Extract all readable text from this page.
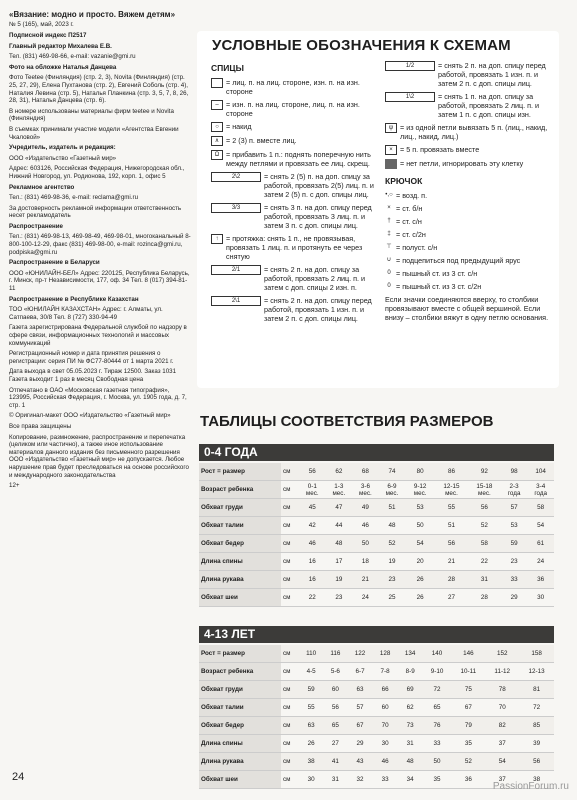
«Вязание: модно и просто. Вяжем детям»

№ 5 (165), май, 2023 г.

Подписной индекс П2517

Главный редактор Михалева Е.В.

Тел. (831) 469-98-66, e-mail: vazanie@gmi.ru

Фото на обложке Наталья Данцева

Фото Teetee (Финляндия) (стр. 2, 3), Novita (Финляндия) (стр. 25, 27, 29), Елена Пухтанова (стр. 2), Евгений Соболь (стр. 4), Наталия Левина (стр. 5), Наталья Планкина (стр. 3, 5, 7, 8, 26, 28, 31), Наталья Данцева (стр. 6).

В номере использованы материалы фирм teetee и Novita (Финляндия)

В съемках принимали участие модели «Агентства Евгении Чкаловой»

Учредитель, издатель и редакция:

ООО «Издательство «Газетный мир»

Адрес: 603126, Российская Федерация, Нижегородская обл., Нижний Новгород, ул. Родионова, 192, корп. 1, офис 5

Рекламное агентство

Тел.: (831) 469-98-36, e-mail: reclama@gmi.ru

За достоверность рекламной информации ответственность несет рекламодатель

Распространение

Тел.: (831) 469-98-13, 469-98-49, 469-98-01, многоканальный 8-800-100-12-29, факс (831) 469-98-00, e-mail: rozinca@gmi.ru, podpiska@gmi.ru

Распространение в Беларуси

ООО «ЮНИЛАЙН-БЕЛ» Адрес: 220125, Республика Беларусь, г. Минск, пр-т Независимости, 177, оф. 34 Тел. 8 (017) 394-81-11

Распространение в Республике Казахстан

ТОО «ЮНИЛАЙН КАЗАХСТАН» Адрес: г. Алматы, ул. Сатпаева, 30/8 Тел. 8 (727) 330-94-49

Газета зарегистрирована Федеральной службой по надзору в сфере связи, информационных технологий и массовых коммуникаций

Регистрационный номер и дата принятия решения о регистрации: серия ПИ № ФС77-80444 от 1 марта 2021 г.

Дата выхода в свет 05.05.2023 г. Тираж 12500. Заказ 1031 Газета выходит 1 раз в месяц Свободная цена

Отпечатано в ОАО «Московская газетная типография», 123995, Российская Федерация, г. Москва, ул. 1905 года, д. 7, стр. 1

© Оригинал-макет ООО «Издательство «Газетный мир»

Все права защищены

Копирование, размножение, распространение и перепечатка (целиком или частично), а также иное использование материалов данного издания без письменного разрешения ООО «Издательство «Газетный мир» не допускается. Любое нарушение прав будет преследоваться на основе российского и международного законодательства

12+

УСЛОВНЫЕ ОБОЗНАЧЕНИЯ К СХЕМАМ
СПИЦЫ
= лиц. п. на лиц. стороне, изн. п. на изн. стороне
–	= изн. п. на лиц. стороне, лиц. п. на изн. стороне
○ = накид
∧ = 2 (3) п. вместе лиц.
Ω = прибавить 1 п.: поднять поперечную нить между петлями и провязать ее лиц. скрещ.
2\2	= снять 2 (5) п. на доп. спицу за работой, провязать 2(5) лиц. п. и затем 2 (5) п. с доп. спицы лиц.
3/3	= снять 3 п. на доп. спицу перед работой, провязать 3 лиц. п. и затем 3 п. с доп. спицы лиц.
↑	= протяжка: снять 1 п., не провязывая, провязать 1 лиц. п. и протянуть ее через снятую
2/1	= снять 2 п. на доп. спицу за работой, провязать 2 лиц. п. и затем с доп. спицы 2 изн. п.
2\1	= снять 2 п. на доп. спицу перед работой, провязать 1 изн. п. и затем 2 п. с доп. спицы лиц.
1/2	= снять 2 п. на доп. спицу перед работой, провязать 1 изн. п. и затем 2 п. с доп. спицы лиц.
1\2	= снять 1 п. на доп. спицу за работой, провязать 2 лиц. п. и затем 1 п. с доп. спицы изн.
ψ = из одной петли вывязать 5 п. (лиц., накид, лиц., накид, лиц.)
×	= 5 п. провязать вместе
= нет петли, игнорировать эту клетку
КРЮЧОК
•,○ = возд. п.
× = ст. б/н
† = ст. с/н
‡ = ст. с/2н
⊤ = полуст. с/н
∪ = подцепиться под предыдущий ярус
0 = пышный ст. из 3 ст. с/н
0 = пышный ст. из 3 ст. с/2н

Если значки соединяются вверху, то столбики провязывают вместе с общей вершиной. Если внизу – столбики вяжут в одну петлю основания.

ТАБЛИЦЫ СООТВЕТСТВИЯ РАЗМЕРОВ
0-4 ГОДА
Рост = размер	см	56	62	68	74	80	86	92	98	104
Возраст ребенка	см	0-1 мес.	1-3 мес.	3-6 мес.	6-9 мес.	9-12 мес.	12-15 мес.	15-18 мес.	2-3 года	3-4 года
Обхват груди	см	45	47	49	51	53	55	56	57	58
Обхват талии	см	42	44	46	48	50	51	52	53	54
Обхват бедер	см	46	48	50	52	54	56	58	59	61
Длина спины	см	16	17	18	19	20	21	22	23	24
Длина рукава	см	16	19	21	23	26	28	31	33	36
Обхват шеи	см	22	23	24	25	26	27	28	29	30
4-13 ЛЕТ
Рост = размер	см	110	116	122	128	134	140	146	152	158
Возраст ребенка	см	4-5	5-6	6-7	7-8	8-9	9-10	10-11	11-12	12-13
Обхват груди	см	59	60	63	66	69	72	75	78	81
Обхват талии	см	55	56	57	60	62	65	67	70	72
Обхват бедер	см	63	65	67	70	73	76	79	82	85
Длина спины	см	26	27	29	30	31	33	35	37	39
Длина рукава	см	38	41	43	46	48	50	52	54	56
Обхват шеи	см	30	31	32	33	34	35	36	37	38
24
PassionForum.ru
